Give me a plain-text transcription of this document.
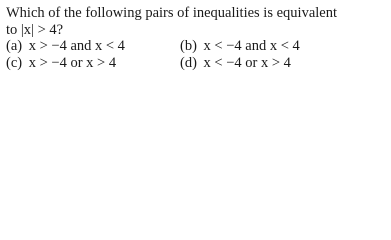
Which of the following pairs of inequalities is equivalent
to |x| > 4?
(a) x > −4 and x < 4	(b) x < −4 and x < 4
(c) x > −4 or x > 4	(d) x < −4 or x > 4
